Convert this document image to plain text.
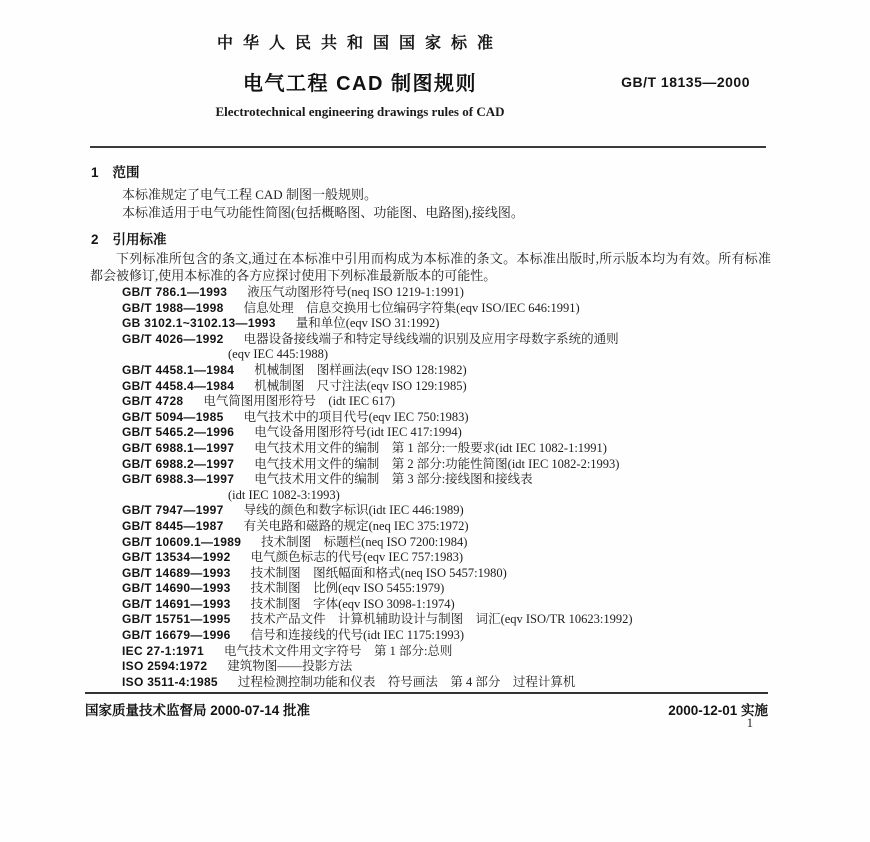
中华人民共和国国家标准
电气工程 CAD 制图规则	GB/T 18135—2000
Electrotechnical engineering drawings rules of CAD
1 范围
本标准规定了电气工程 CAD 制图一般规则。
本标准适用于电气功能性简图(包括概略图、功能图、电路图),接线图。
2 引用标准
下列标准所包含的条文,通过在本标准中引用而构成为本标准的条文。本标准出版时,所示版本均为有效。所有标准都会被修订,使用本标准的各方应探讨使用下列标准最新版本的可能性。
GB/T 786.1—1993 液压气动图形符号(neq ISO 1219-1:1991)
GB/T 1988—1998 信息处理　信息交换用七位编码字符集(eqv ISO/IEC 646:1991)
GB 3102.1~3102.13—1993 量和单位(eqv ISO 31:1992)
GB/T 4026—1992 电器设备接线端子和特定导线线端的识别及应用字母数字系统的通则
(eqv IEC 445:1988)
GB/T 4458.1—1984 机械制图　图样画法(eqv ISO 128:1982)
GB/T 4458.4—1984 机械制图　尺寸注法(eqv ISO 129:1985)
GB/T 4728 电气简图用图形符号　(idt IEC 617)
GB/T 5094—1985 电气技术中的项目代号(eqv IEC 750:1983)
GB/T 5465.2—1996 电气设备用图形符号(idt IEC 417:1994)
GB/T 6988.1—1997 电气技术用文件的编制　第 1 部分:一般要求(idt IEC 1082-1:1991)
GB/T 6988.2—1997 电气技术用文件的编制　第 2 部分:功能性简图(idt IEC 1082-2:1993)
GB/T 6988.3—1997 电气技术用文件的编制　第 3 部分:接线图和接线表
(idt IEC 1082-3:1993)
GB/T 7947—1997 导线的颜色和数字标识(idt IEC 446:1989)
GB/T 8445—1987 有关电路和磁路的规定(neq IEC 375:1972)
GB/T 10609.1—1989 技术制图　标题栏(neq ISO 7200:1984)
GB/T 13534—1992 电气颜色标志的代号(eqv IEC 757:1983)
GB/T 14689—1993 技术制图　图纸幅面和格式(neq ISO 5457:1980)
GB/T 14690—1993 技术制图　比例(eqv ISO 5455:1979)
GB/T 14691—1993 技术制图　字体(eqv ISO 3098-1:1974)
GB/T 15751—1995 技术产品文件　计算机辅助设计与制图　词汇(eqv ISO/TR 10623:1992)
GB/T 16679—1996 信号和连接线的代号(idt IEC 1175:1993)
IEC 27-1:1971 电气技术文件用文字符号　第 1 部分:总则
ISO 2594:1972 建筑物图——投影方法
ISO 3511-4:1985 过程检测控制功能和仪表　符号画法　第 4 部分　过程计算机
国家质量技术监督局 2000-07-14 批准	2000-12-01 实施
1
